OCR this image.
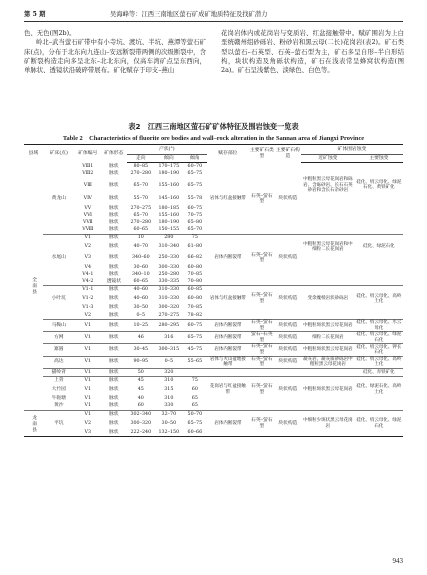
第 5 期	吴海峰等：江西三南地区萤石矿成矿地质特征及找矿潜力

色、无色(图2b)。

岭北–武当萤石矿带中有小寺坑、渡坑、半坑、燕潭等萤石矿床(点)，分布于北东向九连山–安远断裂带两侧的次级断裂中，含矿断裂构造走向多呈北东–北北东向，仅高车湾矿点呈东西向，单脉状、透镜状沿破碎带展布。矿化赋存于印支–燕山

花岗岩体内或花岗岩与变质岩、红盆接触带中。赋矿围岩为上白垩统赣州组砂砾岩、粉砂岩和黑云母(二长)花岗岩(表2)。矿石类型以萤石–石英型、石英–萤石型为主，矿石多呈自形–半自形结构，块状构造及角砾状构造，矿石在浅表常呈蜂窝状构造(图2a)。矿石呈浅紫色、淡绿色、白色等。

表2　江西三南地区萤石矿矿体特征及围岩蚀变一览表
Table 2　Characteristics of fluorite ore bodies and wall–rock alteration in the Sannan area of Jiangxi Province
县域	矿床(点)	矿体编号	矿体形态	产状(°)			赋存部位	主要矿石类型	主要矿石构造	矿体围岩蚀变	
				走向	倾向	倾角				近矿蚀变	主要蚀变
全南县		VⅢ1	脉状	80–85	170–175	60–70					
		VⅢ2	脉状	270–280	180–190	65–75					
		VⅢ	脉状	65–70	155–160	65–75				中粗粒黑云母花岗岩和砾岩、含砾砂岩、长石石英砂岩和含长石杂砂岩	硅化、绢云母化、绿泥石化、黄铁矿化
	黄龙山	VⅣ	脉状	55–70	145–160	55–78	岩体与红盆接触带	石英–萤石型	块状构造		
		VⅤ	脉状	270–275	180–185	60–75					
		VⅥ	脉状	65–70	155–160	70–75					
		VⅦ	脉状	270–280	180–190	65–80					
		VⅧ	脉状	60–65	150–155	65–70					
		V1	脉状	10	280	75					
		V2	脉状	40–70	310–340	61–80				中粗粒黑云母花岗岩和中细粒二长花岗岩	硅化、绿泥石化
	水尾山	V3	脉状	340–60	250–330	66–82	岩体内断裂带	石英–萤石型	块状构造		
		V4	脉状	30–60	300–330	60–80					
		V4-1	脉状	340–10	250–280	70–85					
		V4-2	透镜状	60–65	330–335	70–80					
		V1-1	脉状	40–60	310–330	60–85					
	小叶坑	V1-2	脉状	40–60	310–330	60–80	岩体与红盆接触带	石英–萤石型	块状构造	变余糜棱岩状砂砾岩	硅化、绢云母化、高岭土化
		V1-3	脉状	30–50	300–320	70–85					
		V2	脉状	0–5	270–275	78–82					
	马鞍山	V1	脉状	10–25	280–295	60–75	岩体内断裂带	石英–萤石型	块状构造	中粗粒斑状黑云母花岗岩	硅化、绢云母化、水云母化
	方网	V1	脉状	46	316	65–75	岩体内断裂带	萤石–石英型	块状构造	细粒二长花岗岩	硅化、绢云母化、绿泥石化
	寨圆	V1	脉状	30–45	300–315	45–75	岩体内断裂带	石英–萤石型	块状构造	中粗粒斑状黑云母花岗岩	硅化、绢云母化、钾长石化
	高达	V1	脉状	90–95	0–5	55–65	岩体与火山盆地接触带	石英–萤石型	块状构造	凝灰岩、凝灰质砂砾岩中粗粒黑云母花岗岩	硅化、绢云母化、高岭土化
	猫岭背	V1	脉状	50	320						硅化、赤铁矿化
	上背	V1	脉状	45	310	75					
	大竹园	V1	脉状	45	315	60	花岗岩与红盆接触带	石英–萤石型	块状构造	中粗粒斑状黑云母花岗岩	硅化、绿泥石化、高岭土化
	牛轭塘	V1	脉状	40	310	65					
	黄沙	V1	脉状	60	330	65					
龙南县		V1	脉状	302–340	32–70	50–70					
	平坑	V2	脉状	300–320	30–50	65–75	岩体内断裂带	石英–萤石型	块状构造	中细粒少斑状黑云母花岗岩	硅化、绢云母化、绿泥石化
		V3	脉状	222–240	132–150	60–66					
943
